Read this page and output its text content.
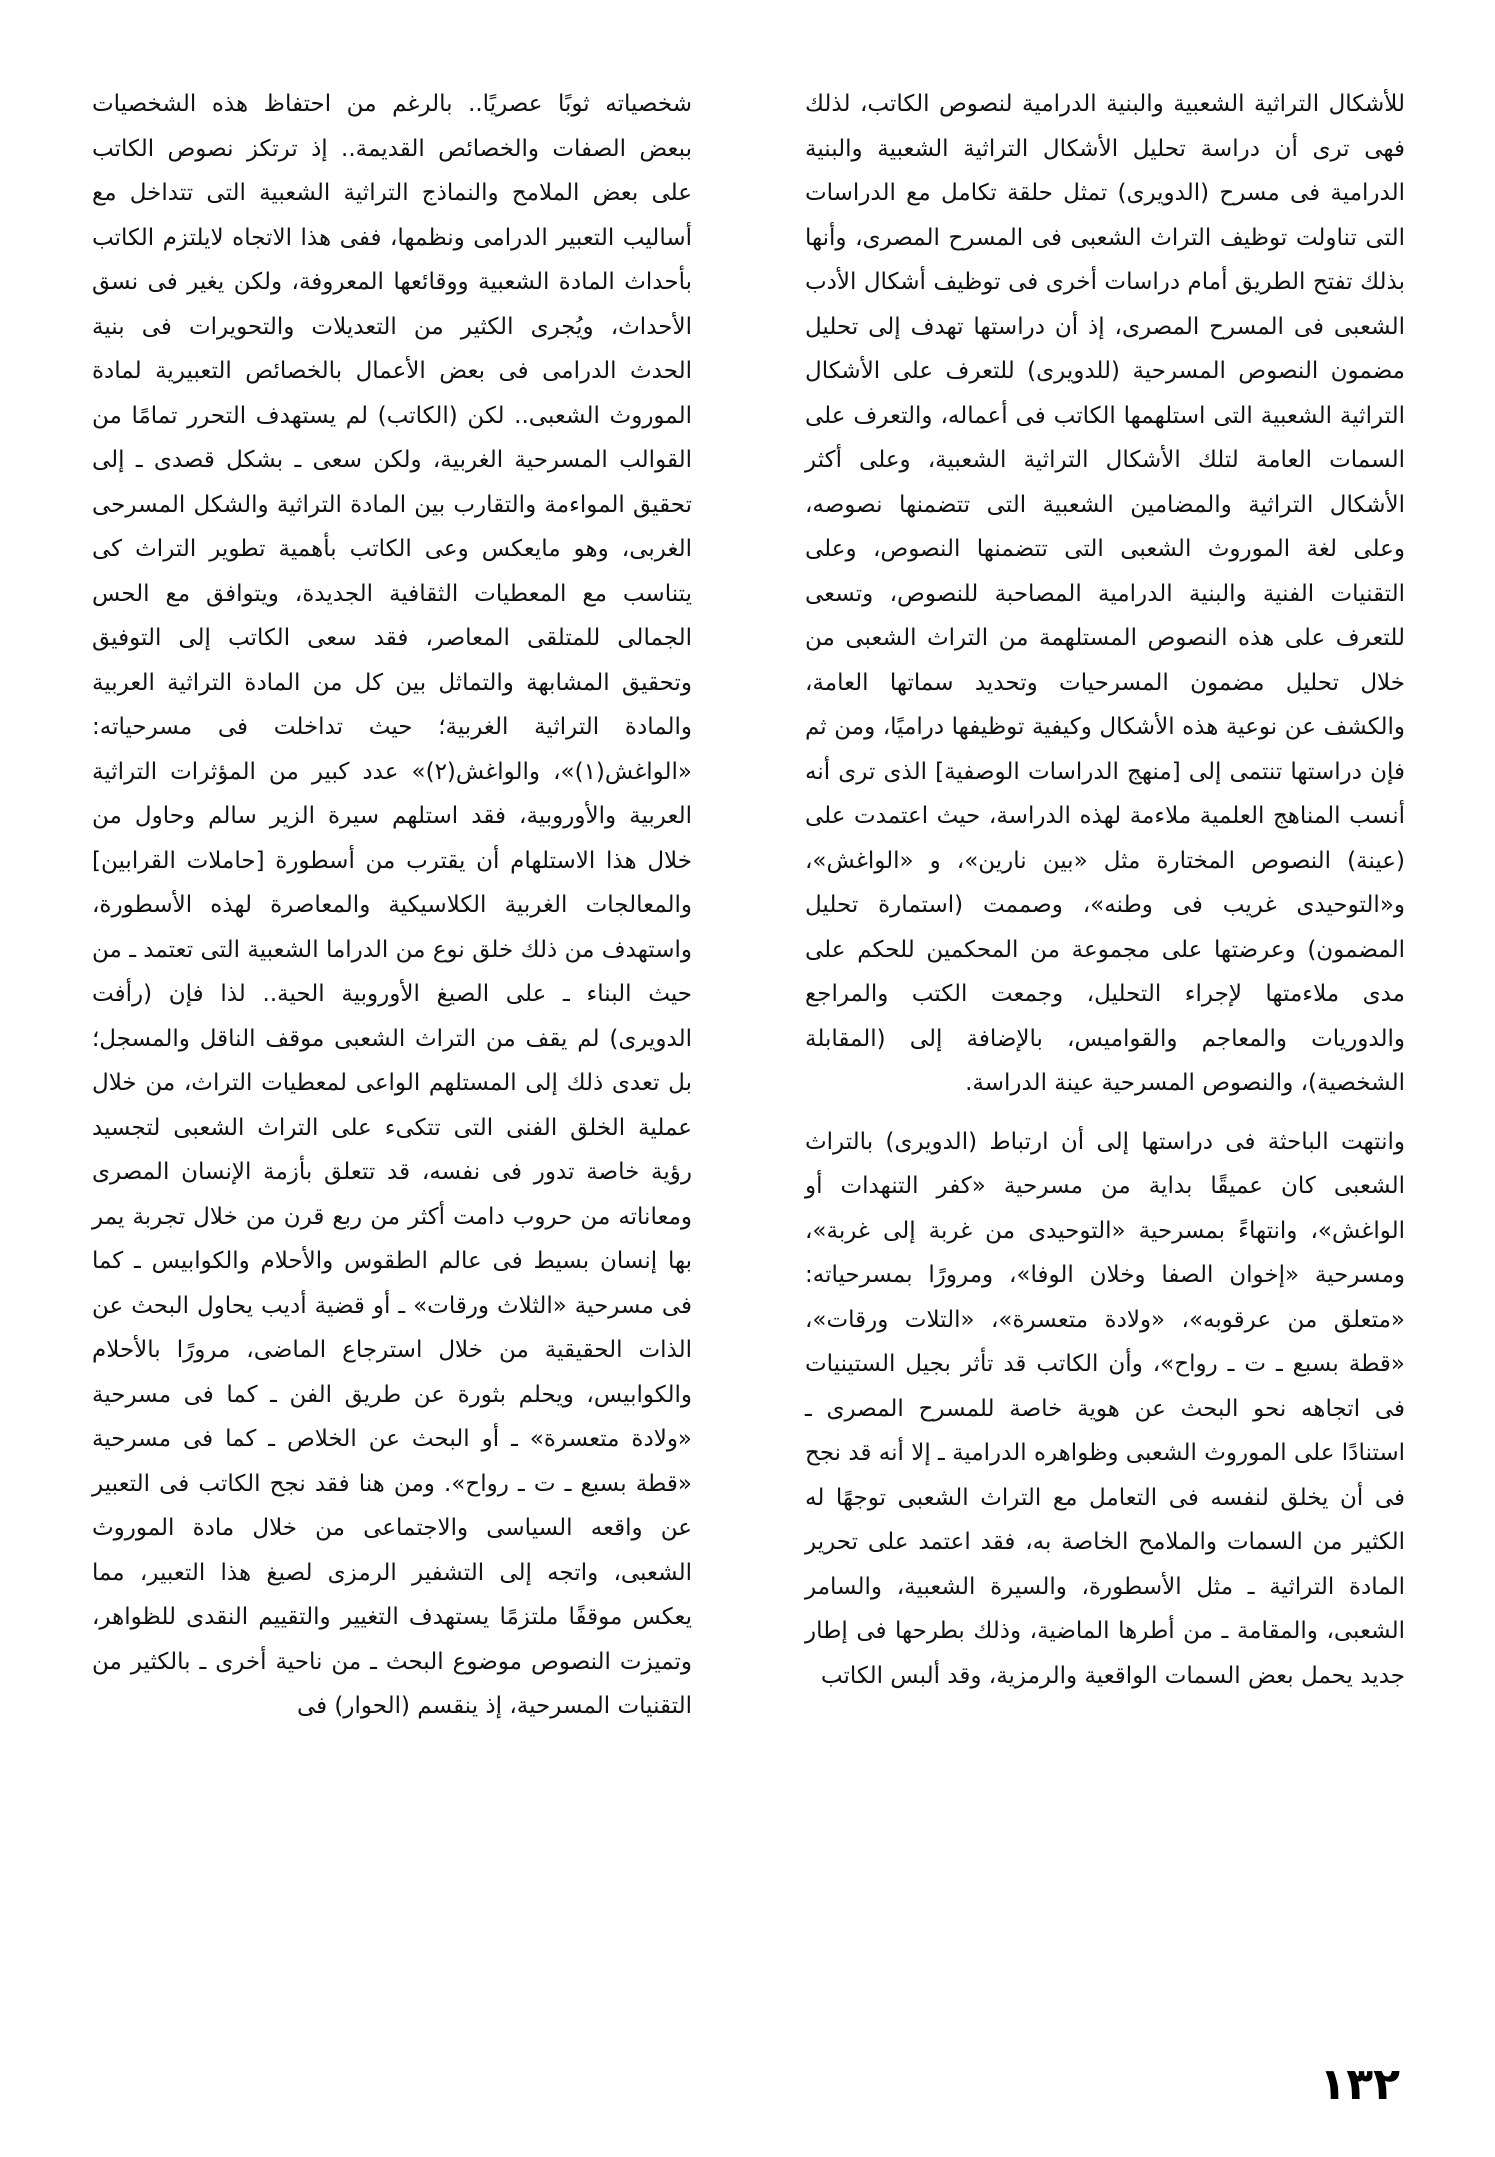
للأشكال التراثية الشعبية والبنية الدرامية لنصوص الكاتب، لذلك فهى ترى أن دراسة تحليل الأشكال التراثية الشعبية والبنية الدرامية فى مسرح (الدويرى) تمثل حلقة تكامل مع الدراسات التى تناولت توظيف التراث الشعبى فى المسرح المصرى، وأنها بذلك تفتح الطريق أمام دراسات أخرى فى توظيف أشكال الأدب الشعبى فى المسرح المصرى، إذ أن دراستها تهدف إلى تحليل مضمون النصوص المسرحية (للدويرى) للتعرف على الأشكال التراثية الشعبية التى استلهمها الكاتب فى أعماله، والتعرف على السمات العامة لتلك الأشكال التراثية الشعبية، وعلى أكثر الأشكال التراثية والمضامين الشعبية التى تتضمنها نصوصه، وعلى لغة الموروث الشعبى التى تتضمنها النصوص، وعلى التقنيات الفنية والبنية الدرامية المصاحبة للنصوص، وتسعى للتعرف على هذه النصوص المستلهمة من التراث الشعبى من خلال تحليل مضمون المسرحيات وتحديد سماتها العامة، والكشف عن نوعية هذه الأشكال وكيفية توظيفها دراميًا، ومن ثم فإن دراستها تنتمى إلى [منهج الدراسات الوصفية] الذى ترى أنه أنسب المناهج العلمية ملاءمة لهذه الدراسة، حيث اعتمدت على (عينة) النصوص المختارة مثل «بين نارين»، و «الواغش»، و«التوحيدى غريب فى وطنه»، وصممت (استمارة تحليل المضمون) وعرضتها على مجموعة من المحكمين للحكم على مدى ملاءمتها لإجراء التحليل، وجمعت الكتب والمراجع والدوريات والمعاجم والقواميس، بالإضافة إلى (المقابلة الشخصية)، والنصوص المسرحية عينة الدراسة.

وانتهت الباحثة فى دراستها إلى أن ارتباط (الدويرى) بالتراث الشعبى كان عميقًا بداية من مسرحية «كفر التنهدات أو الواغش»، وانتهاءً بمسرحية «التوحيدى من غربة إلى غربة»، ومسرحية «إخوان الصفا وخلان الوفا»، ومرورًا بمسرحياته: «متعلق من عرقوبه»، «ولادة متعسرة»، «التلات ورقات»، «قطة بسبع ـ ت ـ رواح»، وأن الكاتب قد تأثر بجيل الستينيات فى اتجاهه نحو البحث عن هوية خاصة للمسرح المصرى ـ استنادًا على الموروث الشعبى وظواهره الدرامية ـ إلا أنه قد نجح فى أن يخلق لنفسه فى التعامل مع التراث الشعبى توجهًا له الكثير من السمات والملامح الخاصة به، فقد اعتمد على تحرير المادة التراثية ـ مثل الأسطورة، والسيرة الشعبية، والسامر الشعبى، والمقامة ـ من أطرها الماضية، وذلك بطرحها فى إطار جديد يحمل بعض السمات الواقعية والرمزية، وقد ألبس الكاتب

شخصياته ثوبًا عصريًا.. بالرغم من احتفاظ هذه الشخصيات ببعض الصفات والخصائص القديمة.. إذ ترتكز نصوص الكاتب على بعض الملامح والنماذج التراثية الشعبية التى تتداخل مع أساليب التعبير الدرامى ونظمها، ففى هذا الاتجاه لايلتزم الكاتب بأحداث المادة الشعبية ووقائعها المعروفة، ولكن يغير فى نسق الأحداث، ويُجرى الكثير من التعديلات والتحويرات فى بنية الحدث الدرامى فى بعض الأعمال بالخصائص التعبيرية لمادة الموروث الشعبى.. لكن (الكاتب) لم يستهدف التحرر تمامًا من القوالب المسرحية الغربية، ولكن سعى ـ بشكل قصدى ـ إلى تحقيق المواءمة والتقارب بين المادة التراثية والشكل المسرحى الغربى، وهو مايعكس وعى الكاتب بأهمية تطوير التراث كى يتناسب مع المعطيات الثقافية الجديدة، ويتوافق مع الحس الجمالى للمتلقى المعاصر، فقد سعى الكاتب إلى التوفيق وتحقيق المشابهة والتماثل بين كل من المادة التراثية العربية والمادة التراثية الغربية؛ حيث تداخلت فى مسرحياته: «الواغش(١)»، والواغش(٢)» عدد كبير من المؤثرات التراثية العربية والأوروبية، فقد استلهم سيرة الزير سالم وحاول من خلال هذا الاستلهام أن يقترب من أسطورة [حاملات القرابين] والمعالجات الغربية الكلاسيكية والمعاصرة لهذه الأسطورة، واستهدف من ذلك خلق نوع من الدراما الشعبية التى تعتمد ـ من حيث البناء ـ على الصيغ الأوروبية الحية.. لذا فإن (رأفت الدويرى) لم يقف من التراث الشعبى موقف الناقل والمسجل؛ بل تعدى ذلك إلى المستلهم الواعى لمعطيات التراث، من خلال عملية الخلق الفنى التى تتكىء على التراث الشعبى لتجسيد رؤية خاصة تدور فى نفسه، قد تتعلق بأزمة الإنسان المصرى ومعاناته من حروب دامت أكثر من ربع قرن من خلال تجربة يمر بها إنسان بسيط فى عالم الطقوس والأحلام والكوابيس ـ كما فى مسرحية «الثلاث ورقات» ـ أو قضية أديب يحاول البحث عن الذات الحقيقية من خلال استرجاع الماضى، مرورًا بالأحلام والكوابيس، ويحلم بثورة عن طريق الفن ـ كما فى مسرحية «ولادة متعسرة» ـ أو البحث عن الخلاص ـ كما فى مسرحية «قطة بسبع ـ ت ـ رواح». ومن هنا فقد نجح الكاتب فى التعبير عن واقعه السياسى والاجتماعى من خلال مادة الموروث الشعبى، واتجه إلى التشفير الرمزى لصيغ هذا التعبير، مما يعكس موقفًا ملتزمًا يستهدف التغيير والتقييم النقدى للظواهر، وتميزت النصوص موضوع البحث ـ من ناحية أخرى ـ بالكثير من التقنيات المسرحية، إذ ينقسم (الحوار) فى

١٣٢
